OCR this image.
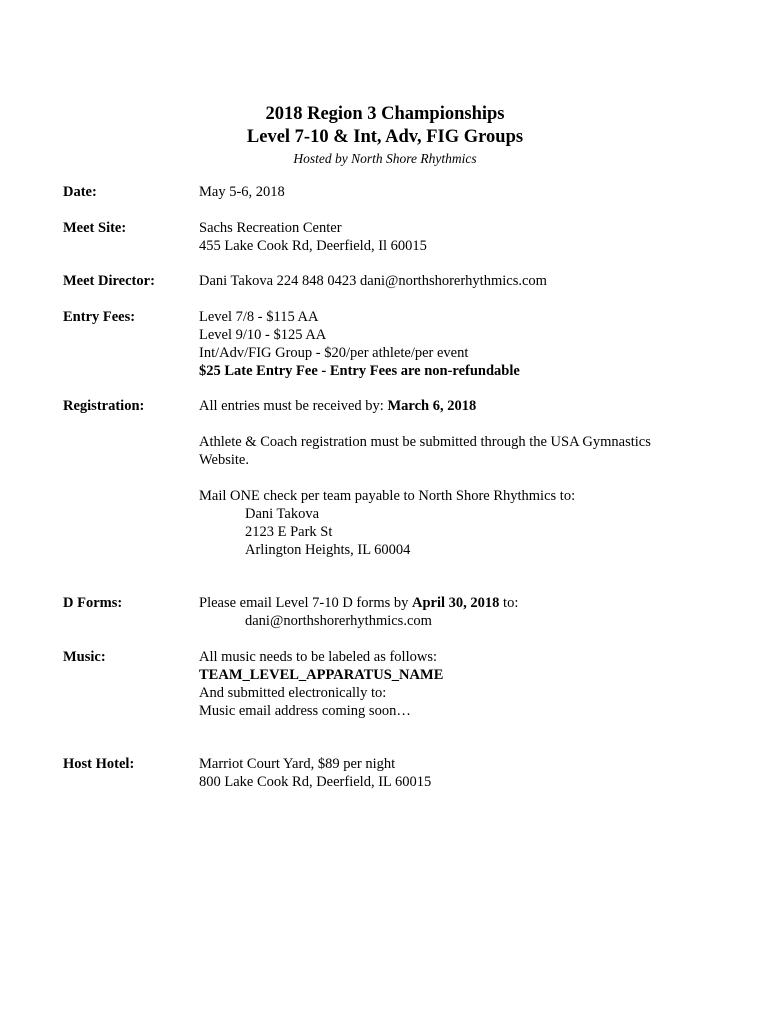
2018 Region 3 Championships
Level 7-10 & Int, Adv, FIG Groups
Hosted by North Shore Rhythmics
Date:	May 5-6, 2018
Meet Site:	Sachs Recreation Center
455 Lake Cook Rd, Deerfield, Il 60015
Meet Director:	Dani Takova 224 848 0423 dani@northshorerhythmics.com
Entry Fees:	Level 7/8 - $115 AA
Level 9/10 - $125 AA
Int/Adv/FIG Group - $20/per athlete/per event
$25 Late Entry Fee - Entry Fees are non-refundable
Registration:	All entries must be received by: March 6, 2018
Athlete & Coach registration must be submitted through the USA Gymnastics Website.
Mail ONE check per team payable to North Shore Rhythmics to:
Dani Takova
2123 E Park St
Arlington Heights, IL 60004
D Forms:	Please email Level 7-10 D forms by April 30, 2018 to:
dani@northshorerhythmics.com
Music:	All music needs to be labeled as follows:
TEAM_LEVEL_APPARATUS_NAME
And submitted electronically to:
Music email address coming soon…
Host Hotel:	Marriot Court Yard, $89 per night
800 Lake Cook Rd, Deerfield, IL 60015
